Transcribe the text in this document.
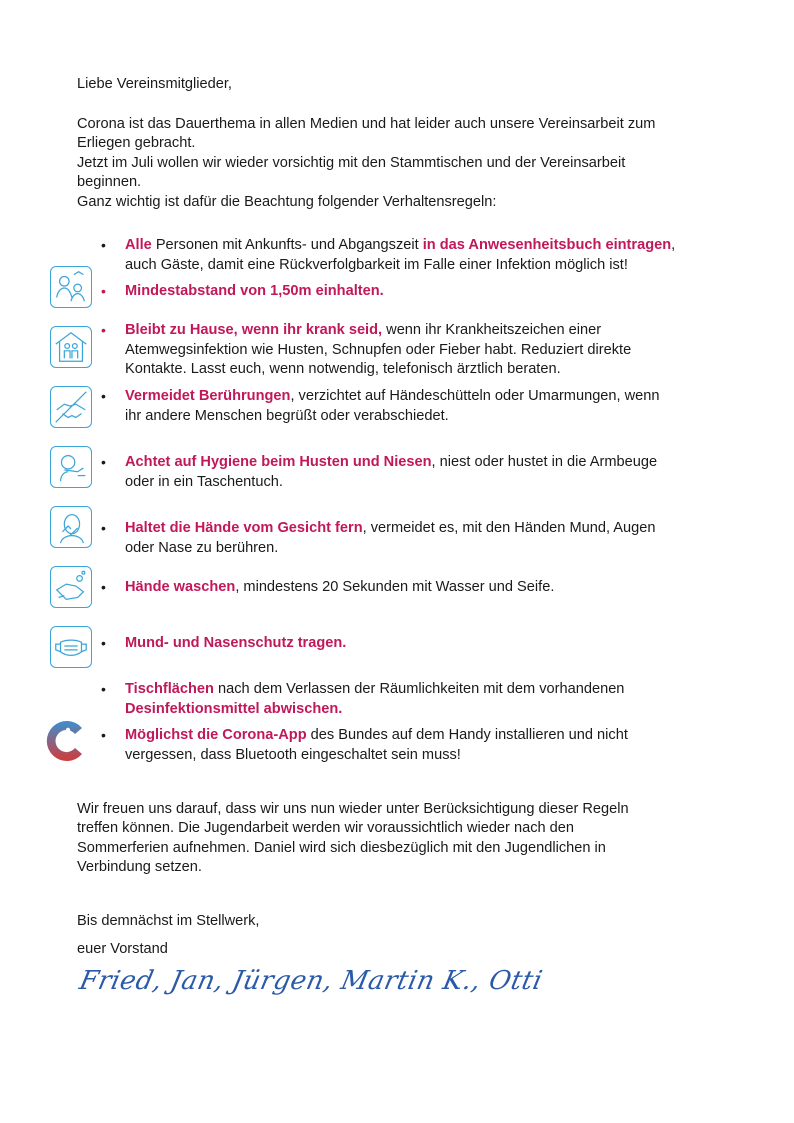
Liebe Vereinsmitglieder,
Corona ist das Dauerthema in allen Medien und hat leider auch unsere Vereinsarbeit zum
Erliegen gebracht.
Jetzt im Juli wollen wir wieder vorsichtig mit den Stammtischen und der Vereinsarbeit
beginnen.
Ganz wichtig ist dafür die Beachtung folgender Verhaltensregeln:
• Alle Personen mit Ankunfts- und Abgangszeit in das Anwesenheitsbuch eintragen,
auch Gäste, damit eine Rückverfolgbarkeit im Falle einer Infektion möglich ist!
• Mindestabstand von 1,50m einhalten.
• Bleibt zu Hause, wenn ihr krank seid, wenn ihr Krankheitszeichen einer
Atemwegsinfektion wie Husten, Schnupfen oder Fieber habt. Reduziert direkte
Kontakte. Lasst euch, wenn notwendig, telefonisch ärztlich beraten.
• Vermeidet Berührungen, verzichtet auf Händeschütteln oder Umarmungen, wenn
ihr andere Menschen begrüßt oder verabschiedet.
• Achtet auf Hygiene beim Husten und Niesen, niest oder hustet in die Armbeuge
oder in ein Taschentuch.
• Haltet die Hände vom Gesicht fern, vermeidet es, mit den Händen Mund, Augen
oder Nase zu berühren.
• Hände waschen, mindestens 20 Sekunden mit Wasser und Seife.
• Mund- und Nasenschutz tragen.
• Tischflächen nach dem Verlassen der Räumlichkeiten mit dem vorhandenen
Desinfektionsmittel abwischen.
• Möglichst die Corona-App des Bundes auf dem Handy installieren und nicht
vergessen, dass Bluetooth eingeschaltet sein muss!
Wir freuen uns darauf, dass wir uns nun wieder unter Berücksichtigung dieser Regeln
treffen können. Die Jugendarbeit werden wir voraussichtlich wieder nach den
Sommerferien aufnehmen. Daniel wird sich diesbezüglich mit den Jugendlichen in
Verbindung setzen.
Bis demnächst im Stellwerk,
euer Vorstand
Fried, Jan, Jürgen, Martin K., Otti
